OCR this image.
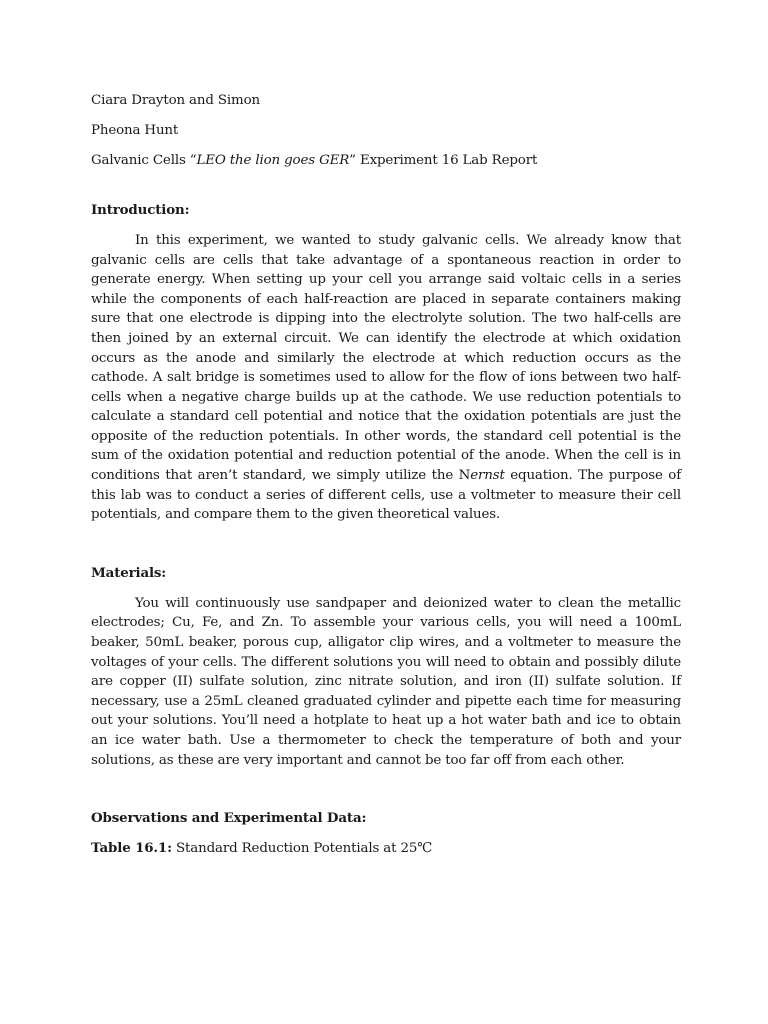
Ciara Drayton and Simon

Pheona Hunt

Galvanic Cells “LEO the lion goes GER” Experiment 16 Lab Report

Introduction:

In this experiment, we wanted to study galvanic cells. We already know that galvanic cells are cells that take advantage of a spontaneous reaction in order to generate energy. When setting up your cell you arrange said voltaic cells in a series while the components of each half-reaction are placed in separate containers making sure that one electrode is dipping into the electrolyte solution. The two half-cells are then joined by an external circuit. We can identify the electrode at which oxidation occurs as the anode and similarly the electrode at which reduction occurs as the cathode. A salt bridge is sometimes used to allow for the flow of ions between two half-cells when a negative charge builds up at the cathode. We use reduction potentials to calculate a standard cell potential and notice that the oxidation potentials are just the opposite of the reduction potentials. In other words, the standard cell potential is the sum of the oxidation potential and reduction potential of the anode. When the cell is in conditions that aren’t standard, we simply utilize the Nernst equation. The purpose of this lab was to conduct a series of different cells, use a voltmeter to measure their cell potentials, and compare them to the given theoretical values.

Materials:

You will continuously use sandpaper and deionized water to clean the metallic electrodes; Cu, Fe, and Zn. To assemble your various cells, you will need a 100mL beaker, 50mL beaker, porous cup, alligator clip wires, and a voltmeter to measure the voltages of your cells. The different solutions you will need to obtain and possibly dilute are copper (II) sulfate solution, zinc nitrate solution, and iron (II) sulfate solution. If necessary, use a 25mL cleaned graduated cylinder and pipette each time for measuring out your solutions. You’ll need a hotplate to heat up a hot water bath and ice to obtain an ice water bath. Use a thermometer to check the temperature of both and your solutions, as these are very important and cannot be too far off from each other.

Observations and Experimental Data:

Table 16.1: Standard Reduction Potentials at 25℃
